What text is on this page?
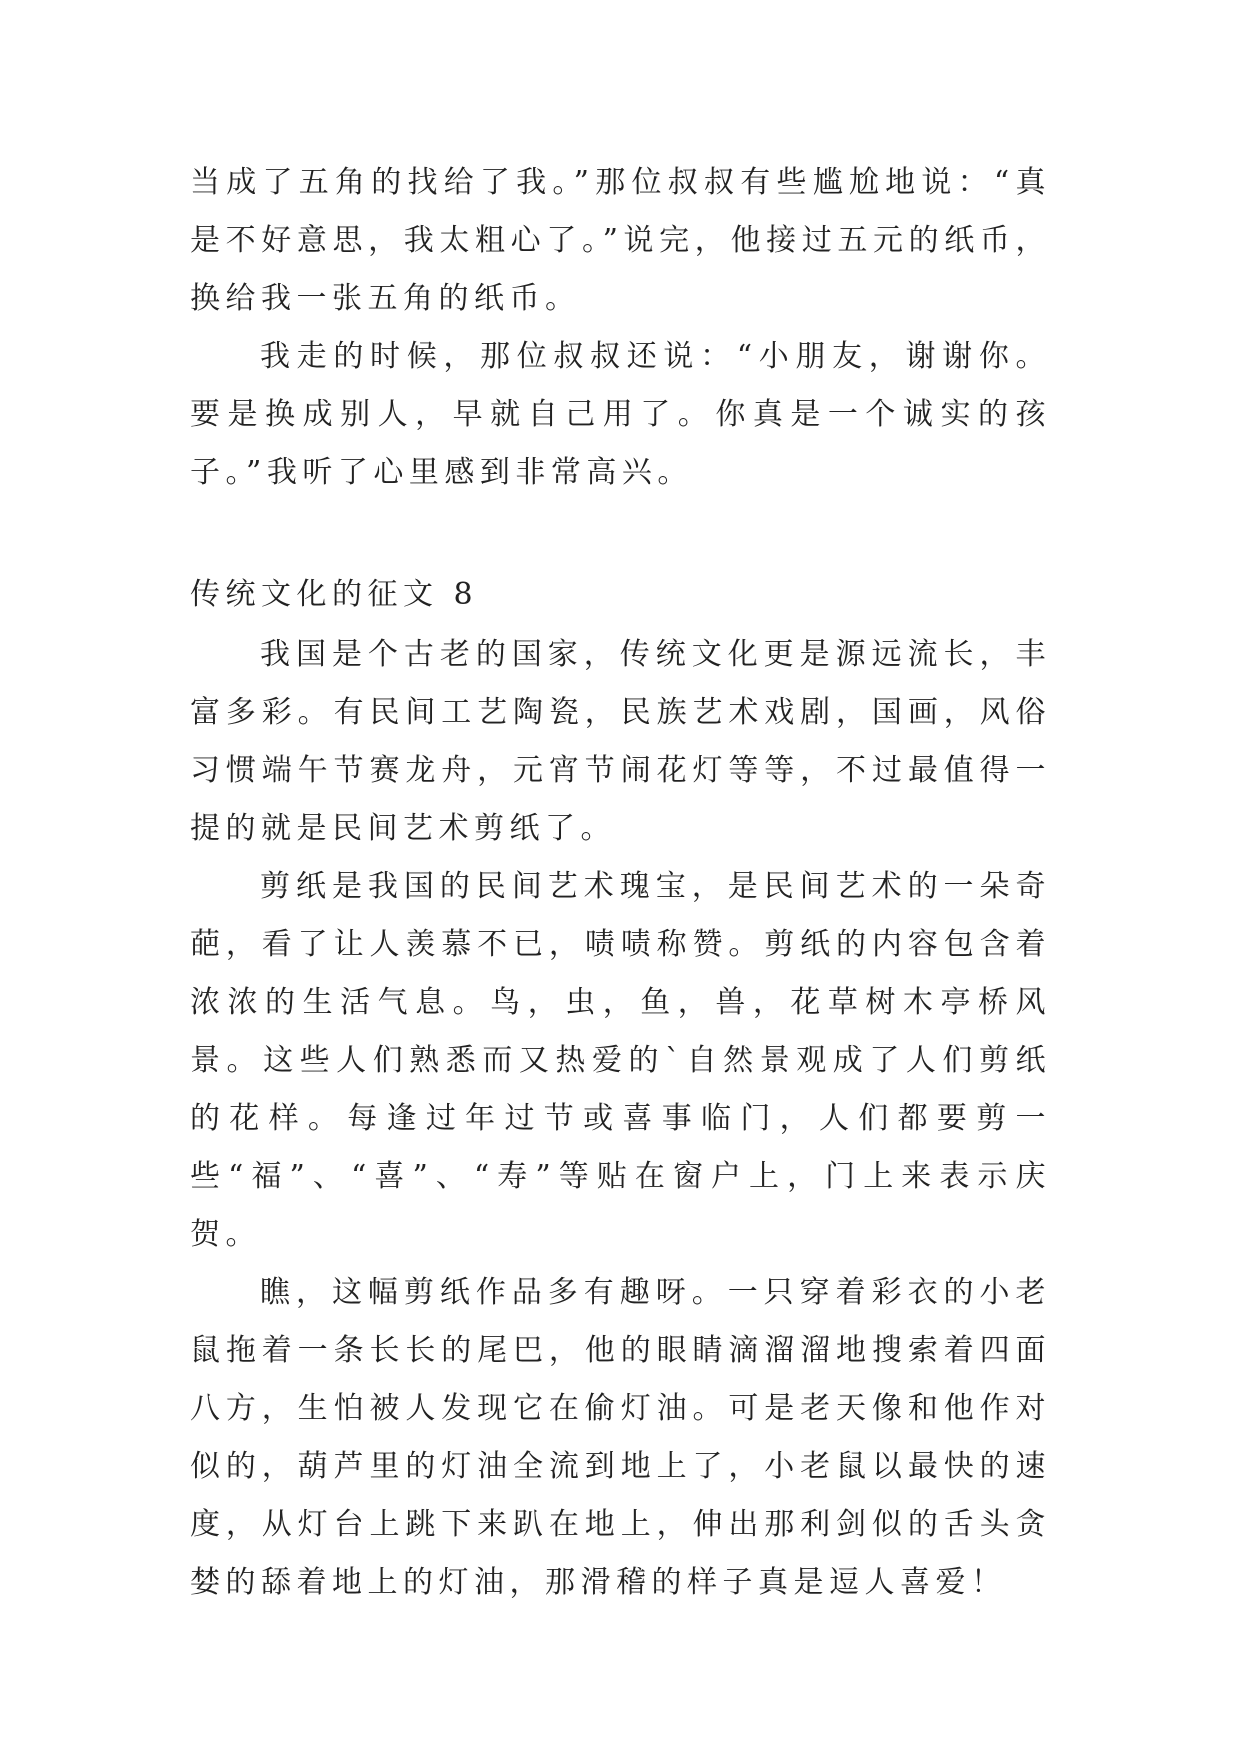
当成了五角的找给了我。”那位叔叔有些尴尬地说：“真是不好意思，我太粗心了。”说完，他接过五元的纸币，换给我一张五角的纸币。

我走的时候，那位叔叔还说：“小朋友，谢谢你。要是换成别人，早就自己用了。你真是一个诚实的孩子。”我听了心里感到非常高兴。

传统文化的征文 8

我国是个古老的国家，传统文化更是源远流长，丰富多彩。有民间工艺陶瓷，民族艺术戏剧，国画，风俗习惯端午节赛龙舟，元宵节闹花灯等等，不过最值得一提的就是民间艺术剪纸了。

剪纸是我国的民间艺术瑰宝，是民间艺术的一朵奇葩，看了让人羡慕不已，啧啧称赞。剪纸的内容包含着浓浓的生活气息。鸟，虫，鱼，兽，花草树木亭桥风景。这些人们熟悉而又热爱的`自然景观成了人们剪纸的花样。每逢过年过节或喜事临门，人们都要剪一些“福”、“喜”、“寿”等贴在窗户上，门上来表示庆贺。

瞧，这幅剪纸作品多有趣呀。一只穿着彩衣的小老鼠拖着一条长长的尾巴，他的眼睛滴溜溜地搜索着四面八方，生怕被人发现它在偷灯油。可是老天像和他作对似的，葫芦里的灯油全流到地上了，小老鼠以最快的速度，从灯台上跳下来趴在地上，伸出那利剑似的舌头贪婪的舔着地上的灯油，那滑稽的样子真是逗人喜爱！
